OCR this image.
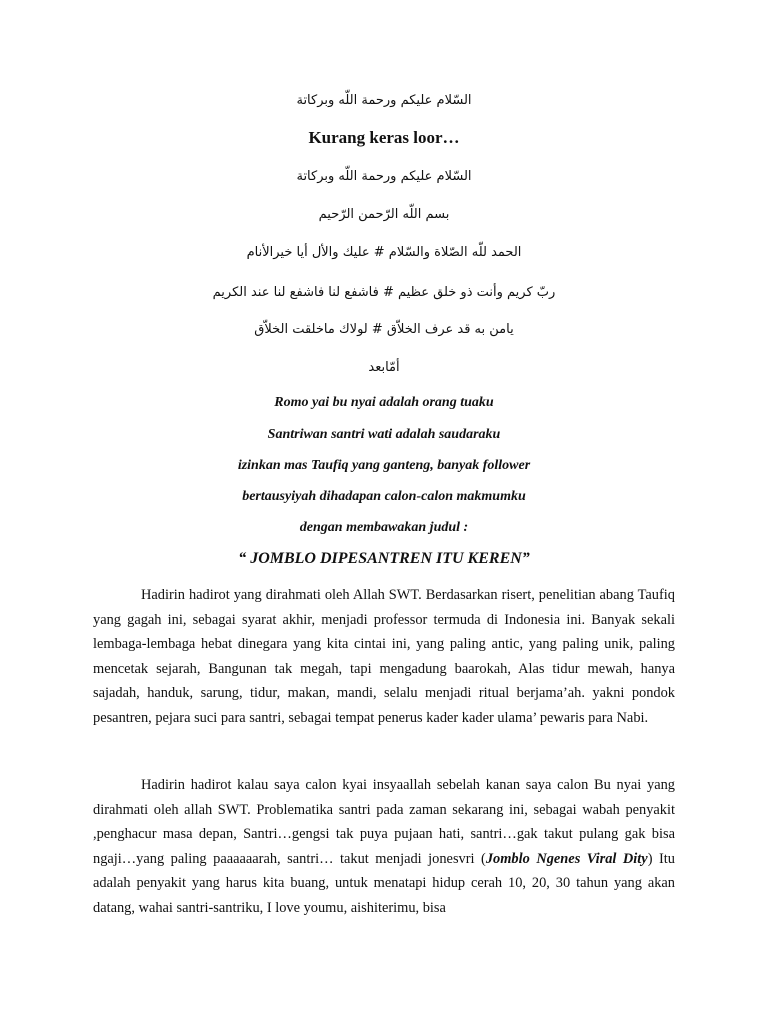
السّلام عليكم ورحمة اللّه وبركاتة
Kurang keras loor…
السّلام عليكم ورحمة اللّه وبركاتة
بسم اللّه الرّحمن الرّحيم
الحمد للّه الصّلاة والسّلام # عليك والأل أيا خيرالأنام
ربّ كريم وأنت ذو خلق عظيم # فاشفع لنا فاشفع لنا عند الكريم
يامن به قد عرف الخلاّق # لولاك ماخلقت الخلاّق
أمّابعد
Romo yai bu nyai adalah orang tuaku
Santriwan santri wati adalah saudaraku
izinkan mas Taufiq yang ganteng, banyak follower
bertausyiyah dihadapan calon-calon makmumku
dengan membawakan judul :
“ JOMBLO DIPESANTREN ITU KEREN”

Hadirin hadirot yang dirahmati oleh Allah SWT. Berdasarkan risert, penelitian abang Taufiq yang gagah ini, sebagai syarat akhir, menjadi professor termuda di Indonesia ini. Banyak sekali lembaga-lembaga hebat dinegara yang kita cintai ini, yang paling antic, yang paling unik, paling mencetak sejarah, Bangunan tak megah, tapi mengadung baarokah, Alas tidur mewah, hanya sajadah, handuk, sarung, tidur, makan, mandi, selalu menjadi ritual berjama’ah. yakni pondok pesantren, pejara suci para santri, sebagai tempat penerus kader kader ulama’ pewaris para Nabi.

Hadirin hadirot kalau saya calon kyai insyaallah sebelah kanan saya calon Bu nyai yang dirahmati oleh allah SWT. Problematika santri pada zaman sekarang ini, sebagai wabah penyakit ,penghacur masa depan, Santri…gengsi tak puya pujaan hati, santri…gak takut pulang gak bisa ngaji…yang paling paaaaaarah, santri… takut menjadi jonesvri (Jomblo Ngenes Viral Dity) Itu adalah penyakit yang harus kita buang, untuk menatapi hidup cerah 10, 20, 30 tahun yang akan datang, wahai santri-santriku, I love youmu, aishiterimu, bisa
